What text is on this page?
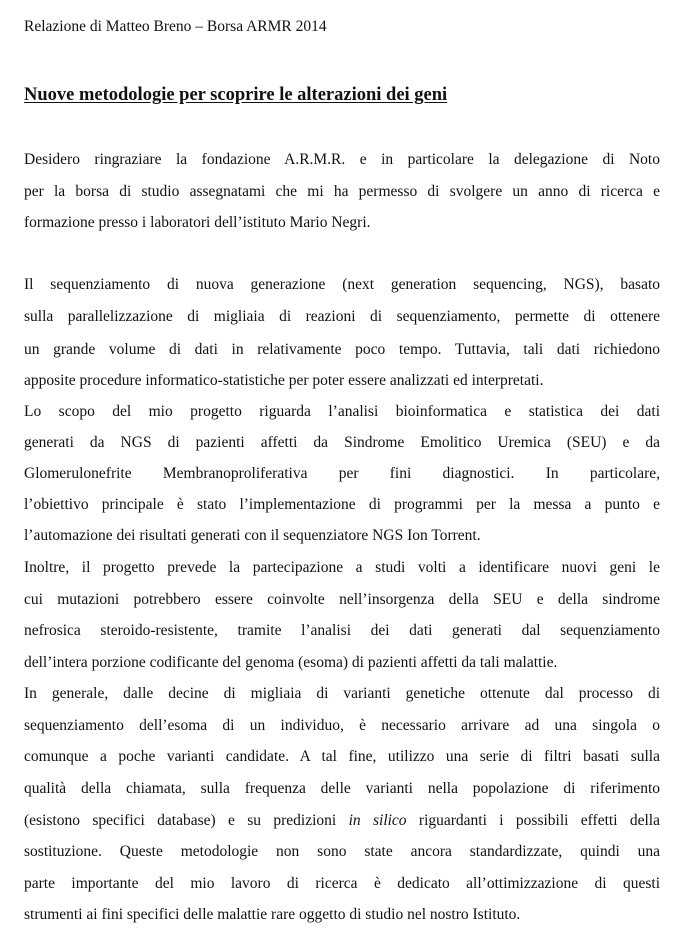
Relazione di Matteo Breno – Borsa ARMR 2014
Nuove metodologie per scoprire le alterazioni dei geni
Desidero ringraziare la fondazione A.R.M.R. e in particolare la delegazione di Noto
per la borsa di studio assegnatami che mi ha permesso di svolgere un anno di ricerca e
formazione presso i laboratori dell’istituto Mario Negri.
Il sequenziamento di nuova generazione (next generation sequencing, NGS), basato
sulla parallelizzazione di migliaia di reazioni di sequenziamento, permette di ottenere
un grande volume di dati in relativamente poco tempo. Tuttavia, tali dati richiedono
apposite procedure informatico-statistiche per poter essere analizzati ed interpretati.
Lo scopo del mio progetto riguarda l’analisi bioinformatica e statistica dei dati
generati da NGS di pazienti affetti da Sindrome Emolitico Uremica (SEU) e da
Glomerulonefrite Membranoproliferativa per fini diagnostici. In particolare,
l’obiettivo principale è stato l’implementazione di programmi per la messa a punto e
l’automazione dei risultati generati con il sequenziatore NGS Ion Torrent.
Inoltre, il progetto prevede la partecipazione a studi volti a identificare nuovi geni le
cui mutazioni potrebbero essere coinvolte nell’insorgenza della SEU e della sindrome
nefrosica steroido-resistente, tramite l’analisi dei dati generati dal sequenziamento
dell’intera porzione codificante del genoma (esoma) di pazienti affetti da tali malattie.
In generale, dalle decine di migliaia di varianti genetiche ottenute dal processo di
sequenziamento dell’esoma di un individuo, è necessario arrivare ad una singola o
comunque a poche varianti candidate. A tal fine, utilizzo una serie di filtri basati sulla
qualità della chiamata, sulla frequenza delle varianti nella popolazione di riferimento
(esistono specifici database) e su predizioni in silico riguardanti i possibili effetti della
sostituzione. Queste metodologie non sono state ancora standardizzate, quindi una
parte importante del mio lavoro di ricerca è dedicato all’ottimizzazione di questi
strumenti ai fini specifici delle malattie rare oggetto di studio nel nostro Istituto.
